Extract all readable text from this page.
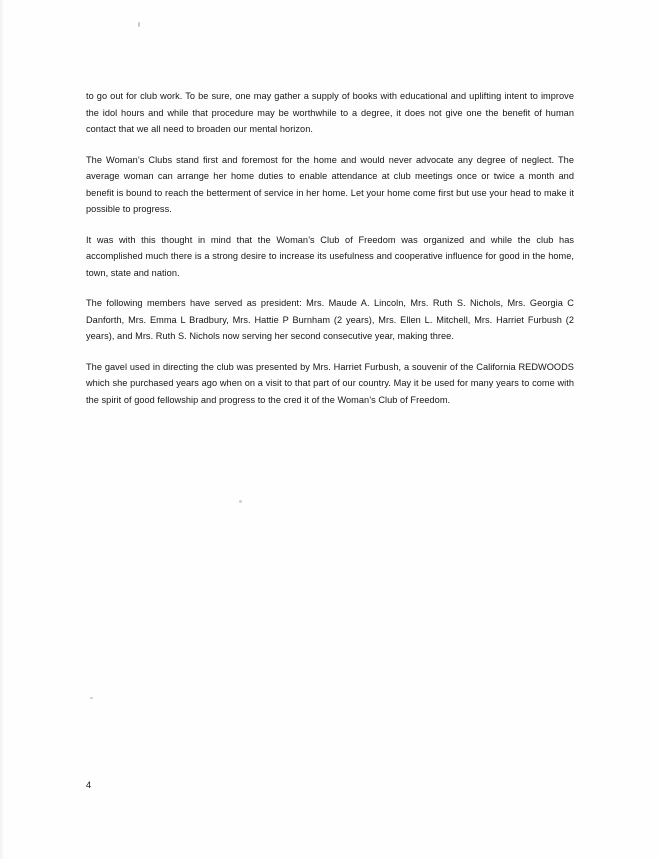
to go out for club work. To be sure, one may gather a supply of books with educational and uplifting intent to improve the idol hours and while that procedure may be worthwhile to a degree, it does not give one the benefit of human contact that we all need to broaden our mental horizon.

The Woman’s Clubs stand first and foremost for the home and would never advocate any degree of neglect. The average woman can arrange her home duties to enable attendance at club meetings once or twice a month and benefit is bound to reach the betterment of service in her home. Let your home come first but use your head to make it possible to progress.

It was with this thought in mind that the Woman’s Club of Freedom was organized and while the club has accomplished much there is a strong desire to increase its usefulness and cooperative influence for good in the home, town, state and nation.

The following members have served as president: Mrs. Maude A. Lincoln, Mrs. Ruth S. Nichols, Mrs. Georgia C Danforth, Mrs. Emma L Bradbury, Mrs. Hattie P Burnham (2 years), Mrs. Ellen L. Mitchell, Mrs. Harriet Furbush (2 years), and Mrs. Ruth S. Nichols now serving her second consecutive year, making three.

The gavel used in directing the club was presented by Mrs. Harriet Furbush, a souvenir of the California REDWOODS which she purchased years ago when on a visit to that part of our country. May it be used for many years to come with the spirit of good fellowship and progress to the cred it of the Woman’s Club of Freedom.

4
